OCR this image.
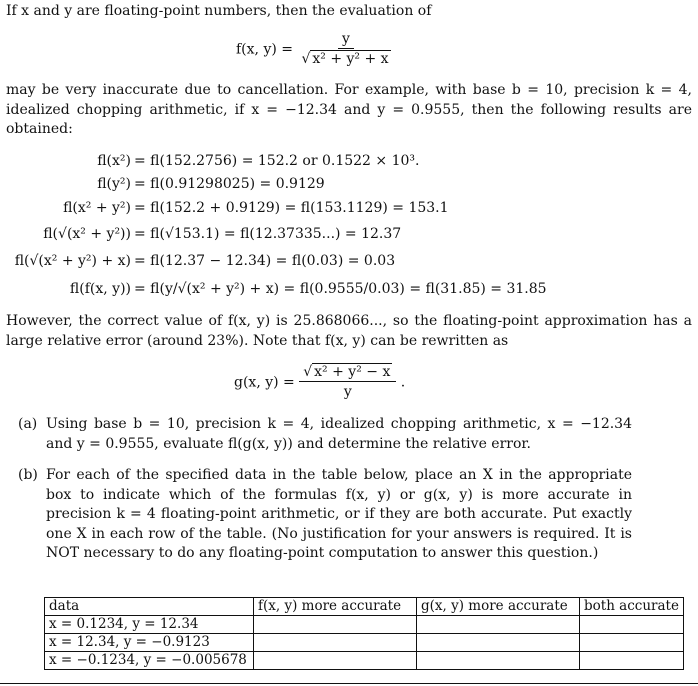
If x and y are floating-point numbers, then the evaluation of
f(x, $y) = \frac{y}{\text{√ x² + y² + x}}$
may be very inaccurate due to cancellation. For example, with base b = 10, precision k = 4, idealized chopping arithmetic, if x = −12.34 and y = 0.9555, then the following results are obtained:
fl(x²) = fl(152.2756) = 152.2 or 0.1522 × 10³.
fl(y²) = fl(0.91298025) = 0.9129
fl(x² + y²) = fl(152.2 + 0.9129) = fl(153.1129) = 153.1
fl(√(x² + y²)) = fl(√153.1) = fl(12.37335...) = 12.37
fl(√(x² + y²) + x) = fl(12.37 − 12.34) = fl(0.03) = 0.03
fl(f(x, y)) = fl(y/√(x² + y²) + x) = fl(0.9555/0.03) = fl(31.85) = 31.85
However, the correct value of f(x, y) is 25.868066..., so the floating-point approximation has a large relative error (around 23%). Note that f(x, y) can be rewritten as
g(x, $y) = \frac{\text{√ x² + y² − x}}{y}$ .
(a) Using base b = 10, precision k = 4, idealized chopping arithmetic, x = −12.34 and y = 0.9555, evaluate fl(g(x, y)) and determine the relative error.
(b) For each of the specified data in the table below, place an X in the appropriate box to indicate which of the formulas f(x, y) or g(x, y) is more accurate in precision k = 4 floating-point arithmetic, or if they are both accurate. Put exactly one X in each row of the table. (No justification for your answers is required. It is NOT necessary to do any floating-point computation to answer this question.)
data	f(x, y) more accurate	g(x, y) more accurate	both accurate
x = 0.1234, y = 12.34			
x = 12.34, y = −0.9123			
x = −0.1234, y = −0.005678			
